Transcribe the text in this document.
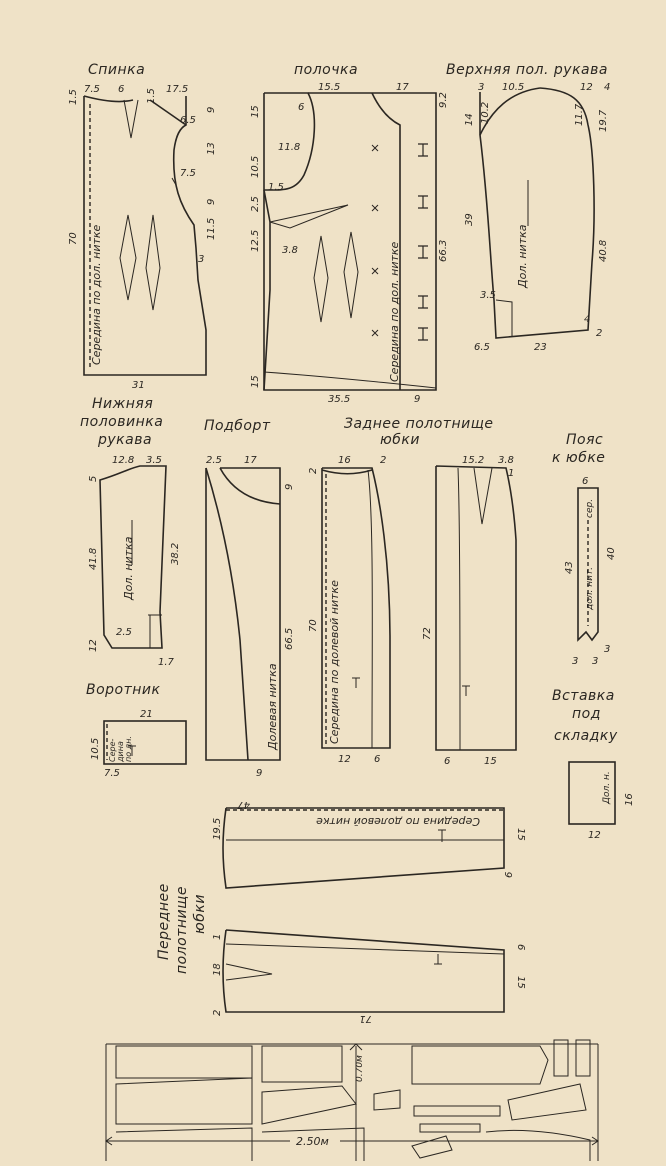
Спинка
7.5 6	17.5
1.5	1.5
6.5
9
13
7.5
9
11.5
3
70
31
Середина по дол. нитке
полочка
15.5	17
9.2
6
15
11.8
10.5
1.5
2.5
12.5 3.8	66.3
15
35.5	9
Середина по дол. нитке
Верхняя пол. рукава
3 10.5	12 4
14 10.2	11.7 19.7
39
40.8
3.5
6.5	23
4
2
Дол. нитка
Нижняя
половинка
рукава
12.8 3.5
5
41.8	38.2
2.5
12
1.7
Дол. нитка
Подборт
2.5 17
9
66.5
9
Долевая нитка
Заднее полотнище
юбки
16	2
2
70
12 6
15.2 3.8
1
72
6	15
Середина по долевой нитке
Пояс
к юбке
6
43
40
3 3
3
сер.
дол. нит.
Воротник
21
10.5
7.5
Сере- дина по дн.
Вставка
под
складку
16
12
Дол. н.
Переднее полотнище юбки
47
19.5	15
6
1
18
2
6
15
71
Середина по долевой нитке
2.50м
0.70м
